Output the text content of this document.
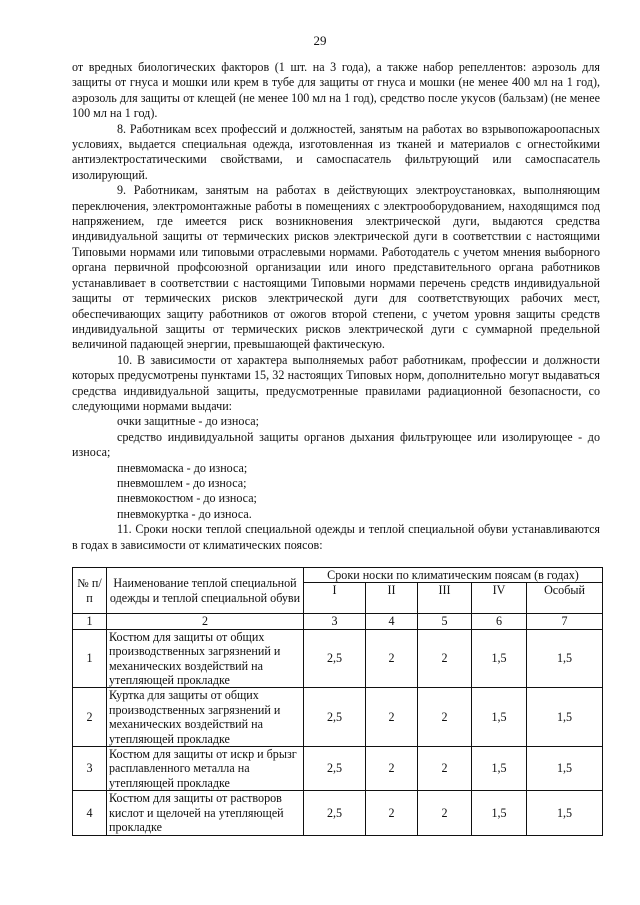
29

от вредных биологических факторов (1 шт. на 3 года), а также набор репеллентов: аэрозоль для защиты от гнуса и мошки или крем в тубе для защиты от гнуса и мошки (не менее 400 мл на 1 год), аэрозоль для защиты от клещей (не менее 100 мл на 1 год), средство после укусов (бальзам) (не менее 100 мл на 1 год).

8. Работникам всех профессий и должностей, занятым на работах во взрывопожароопасных условиях, выдается специальная одежда, изготовленная из тканей и материалов с огнестойкими антиэлектростатическими свойствами, и самоспасатель фильтрующий или самоспасатель изолирующий.

9. Работникам, занятым на работах в действующих электроустановках, выполняющим переключения, электромонтажные работы в помещениях с электрооборудованием, находящимся под напряжением, где имеется риск возникновения электрической дуги, выдаются средства индивидуальной защиты от термических рисков электрической дуги в соответствии с настоящими Типовыми нормами или типовыми отраслевыми нормами. Работодатель с учетом мнения выборного органа первичной профсоюзной организации или иного представительного органа работников устанавливает в соответствии с настоящими Типовыми нормами перечень средств индивидуальной защиты от термических рисков электрической дуги для соответствующих рабочих мест, обеспечивающих защиту работников от ожогов второй степени, с учетом уровня защиты средств индивидуальной защиты от термических рисков электрической дуги с суммарной предельной величиной падающей энергии, превышающей фактическую.

10. В зависимости от характера выполняемых работ работникам, профессии и должности которых предусмотрены пунктами 15, 32 настоящих Типовых норм, дополнительно могут выдаваться средства индивидуальной защиты, предусмотренные правилами радиационной безопасности, со следующими нормами выдачи:

очки защитные - до износа;

средство индивидуальной защиты органов дыхания фильтрующее или изолирующее - до износа;

пневмомаска - до износа;

пневмошлем - до износа;

пневмокостюм - до износа;

пневмокуртка - до износа.

11. Сроки носки теплой специальной одежды и теплой специальной обуви устанавливаются в годах в зависимости от климатических поясов:

№ п/п	Наименование теплой специальной одежды и теплой специальной обуви	Сроки носки по климатическим поясам (в годах)				
		I	II	III	IV	Особый
1	2	3	4	5	6	7
1	Костюм для защиты от общих производственных загрязнений и механических воздействий на утепляющей прокладке	2,5	2	2	1,5	1,5
2	Куртка для защиты от общих производственных загрязнений и механических воздействий на утепляющей прокладке	2,5	2	2	1,5	1,5
3	Костюм для защиты от искр и брызг расплавленного металла на утепляющей прокладке	2,5	2	2	1,5	1,5
4	Костюм для защиты от растворов кислот и щелочей на утепляющей прокладке	2,5	2	2	1,5	1,5
